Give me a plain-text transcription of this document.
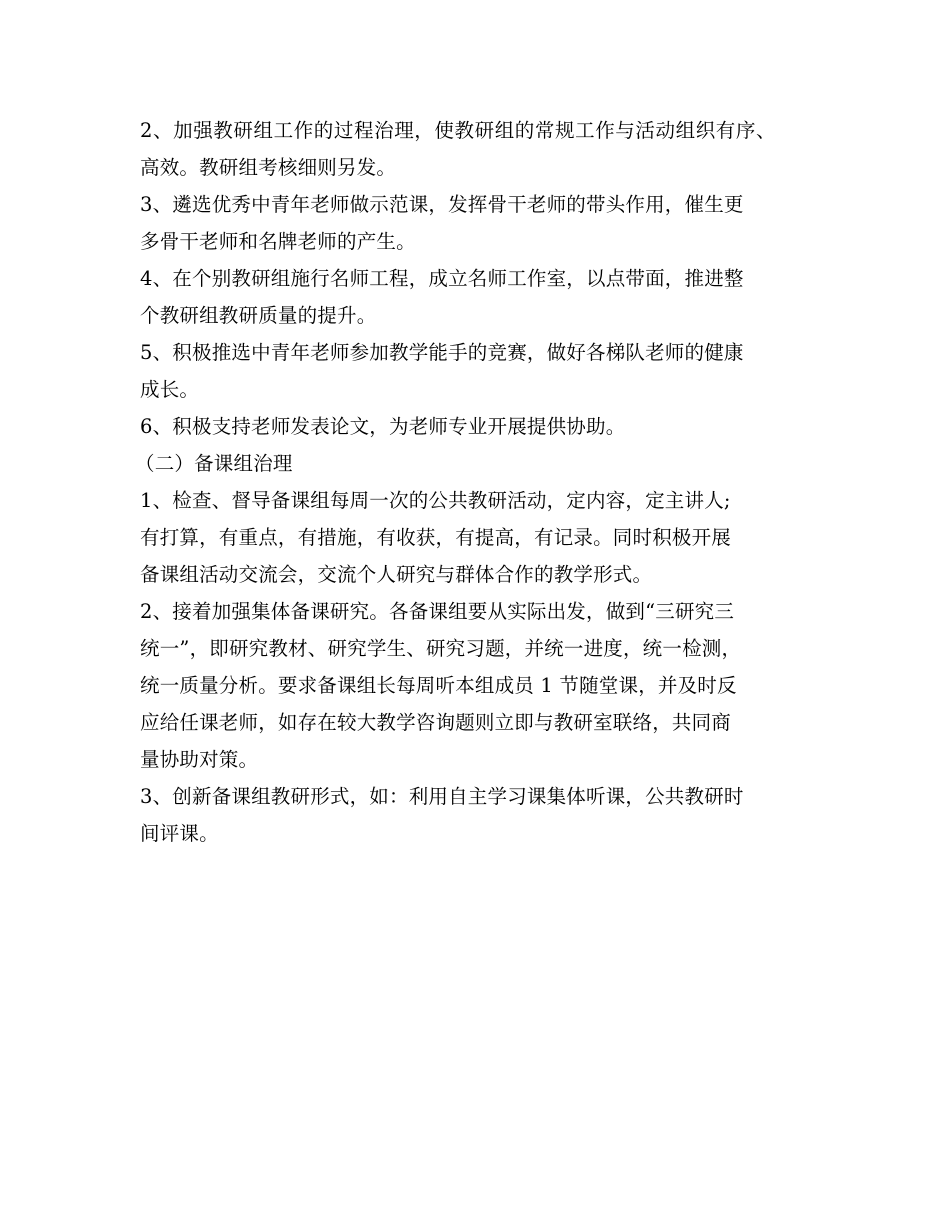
2、加强教研组工作的过程治理，使教研组的常规工作与活动组织有序、
高效。教研组考核细则另发。
3、遴选优秀中青年老师做示范课，发挥骨干老师的带头作用，催生更
多骨干老师和名牌老师的产生。
4、在个别教研组施行名师工程，成立名师工作室，以点带面，推进整
个教研组教研质量的提升。
5、积极推选中青年老师参加教学能手的竞赛，做好各梯队老师的健康
成长。
6、积极支持老师发表论文，为老师专业开展提供协助。
（二）备课组治理
1、检查、督导备课组每周一次的公共教研活动，定内容，定主讲人;
有打算，有重点，有措施，有收获，有提高，有记录。同时积极开展
备课组活动交流会，交流个人研究与群体合作的教学形式。
2、接着加强集体备课研究。各备课组要从实际出发，做到“三研究三
统一”，即研究教材、研究学生、研究习题，并统一进度，统一检测，
统一质量分析。要求备课组长每周听本组成员 1 节随堂课，并及时反
应给任课老师，如存在较大教学咨询题则立即与教研室联络，共同商
量协助对策。
3、创新备课组教研形式，如：利用自主学习课集体听课，公共教研时
间评课。
